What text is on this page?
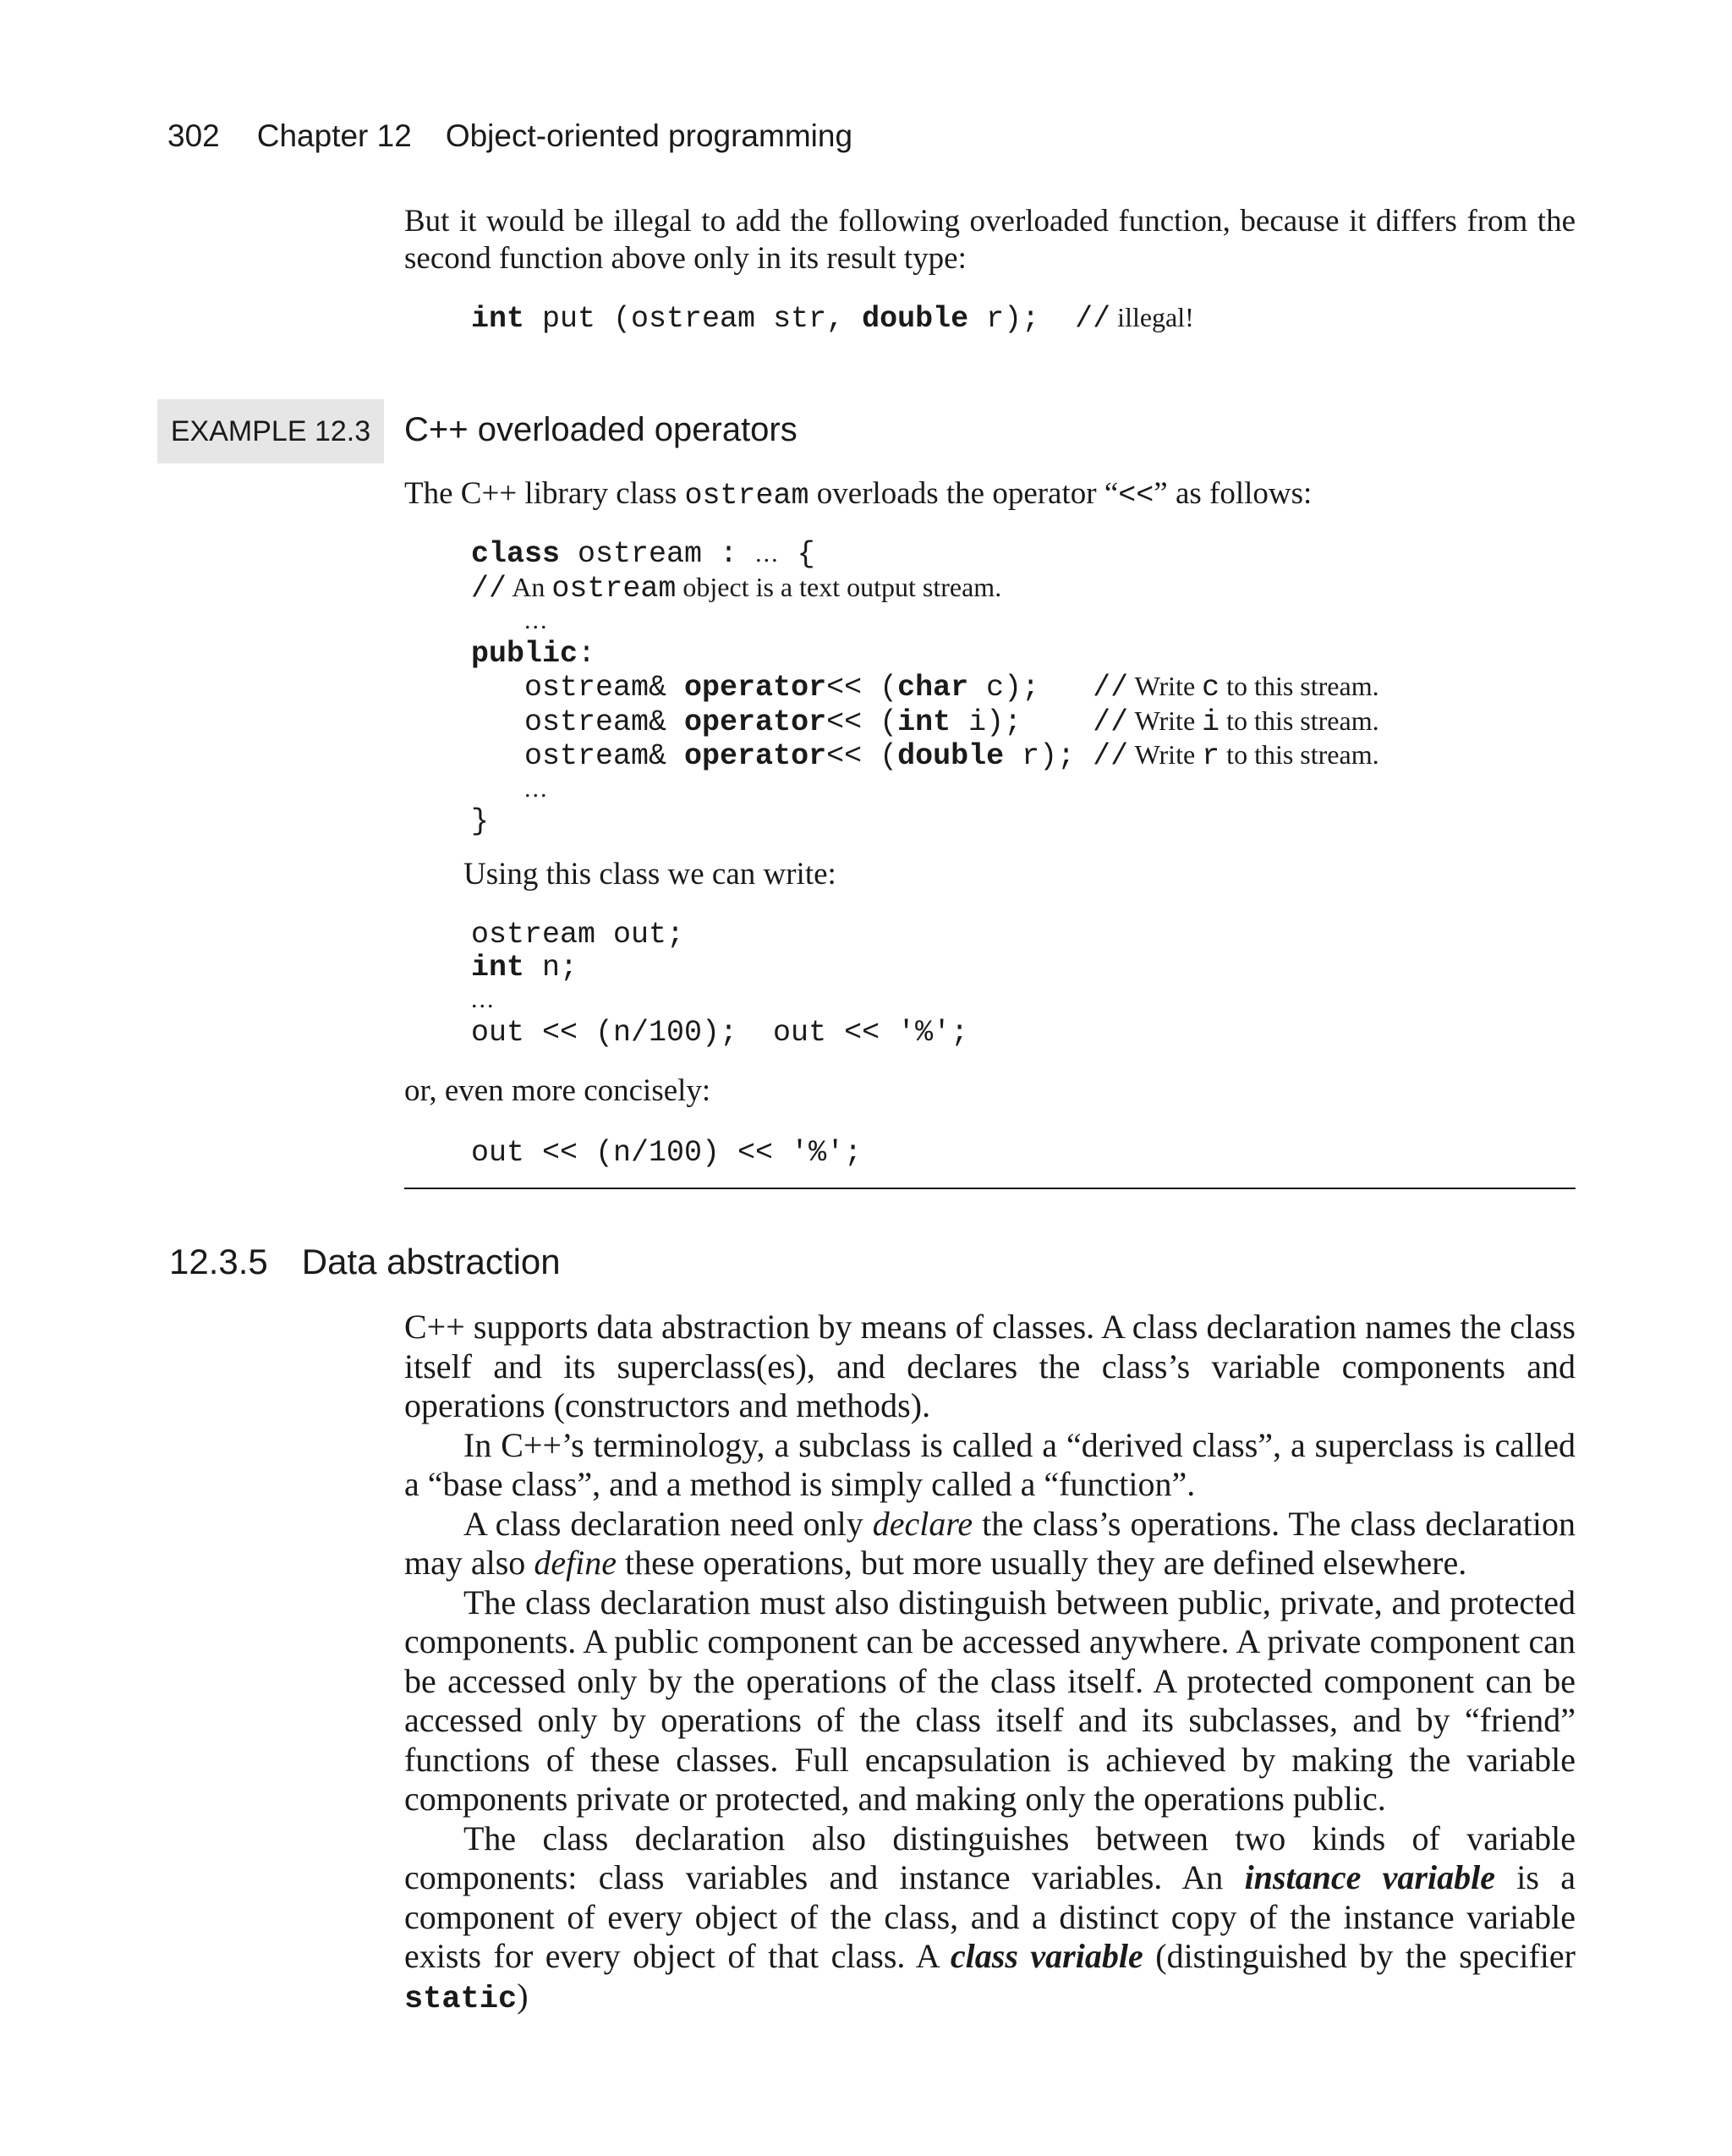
302 Chapter 12 Object-oriented programming

But it would be illegal to add the following overloaded function, because it differs from the second function above only in its result type:

int put (ostream str, double r);  // illegal!
EXAMPLE 12.3 C++ overloaded operators
The C++ library class ostream overloads the operator “<<” as follows:
class ostream : ... {
// An ostream object is a text output stream.
...
public:
ostream& operator<< (char c);   // Write c to this stream.
ostream& operator<< (int i);    // Write i to this stream.
ostream& operator<< (double r); // Write r to this stream.
...
}
Using this class we can write:
ostream out;
int n;
...
out << (n/100);  out << '%';
or, even more concisely:
out << (n/100) << '%';
12.3.5 Data abstraction

C++ supports data abstraction by means of classes. A class declaration names the class itself and its superclass(es), and declares the class’s variable components and operations (constructors and methods).

In C++’s terminology, a subclass is called a “derived class”, a superclass is called a “base class”, and a method is simply called a “function”.

A class declaration need only declare the class’s operations. The class declaration may also define these operations, but more usually they are defined elsewhere.

The class declaration must also distinguish between public, private, and protected components. A public component can be accessed anywhere. A private component can be accessed only by the operations of the class itself. A protected component can be accessed only by operations of the class itself and its subclasses, and by “friend” functions of these classes. Full encapsulation is achieved by making the variable components private or protected, and making only the operations public.

The class declaration also distinguishes between two kinds of variable components: class variables and instance variables. An instance variable is a component of every object of the class, and a distinct copy of the instance variable exists for every object of that class. A class variable (distinguished by the specifier static)
